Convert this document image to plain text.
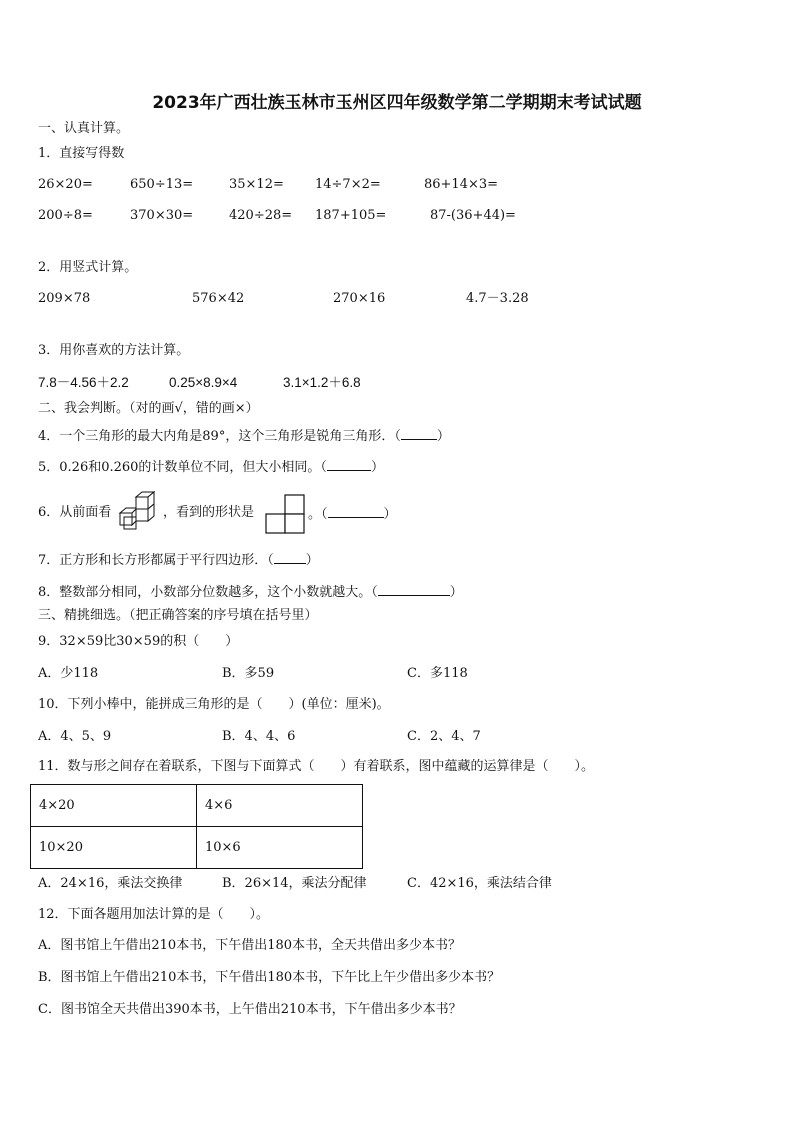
2023年广西壮族玉林市玉州区四年级数学第二学期期末考试试题
一、认真计算。
1．直接写得数
26×20=	650÷13=	35×12= 14÷7×2=	86+14×3=
200÷8=	370×30=	420÷28= 187+105=	87-(36+44)=
2．用竖式计算。
209×78	576×42	270×16	4.7－3.28
3．用你喜欢的方法计算。
7.8－4.56＋2.2	0.25×8.9×4	3.1×1.2＋6.8
二、我会判断。（对的画√，错的画×）
4．一个三角形的最大内角是89°，这个三角形是锐角三角形．（	）
5．0.26和0.260的计数单位不同，但大小相同。（	）
6．从前面看	，看到的形状是	。（	）
7．正方形和长方形都属于平行四边形．（ ）
8．整数部分相同，小数部分位数越多，这个小数就越大。（	）
三、精挑细选。（把正确答案的序号填在括号里）
9．32×59比30×59的积（　　）
A．少118	B．多59	C．多118
10．下列小棒中，能拼成三角形的是（　　）(单位：厘米)。
A．4、5、9	B．4、4、6	C．2、4、7
11．数与形之间存在着联系，下图与下面算式（　　）有着联系，图中蕴藏的运算律是（　　）。
4×20	4×6
10×20	10×6
A．24×16，乘法交换律	B．26×14，乘法分配律	C．42×16，乘法结合律
12．下面各题用加法计算的是（　　）。
A．图书馆上午借出210本书，下午借出180本书，全天共借出多少本书？
B．图书馆上午借出210本书，下午借出180本书，下午比上午少借出多少本书？
C．图书馆全天共借出390本书，上午借出210本书，下午借出多少本书？
